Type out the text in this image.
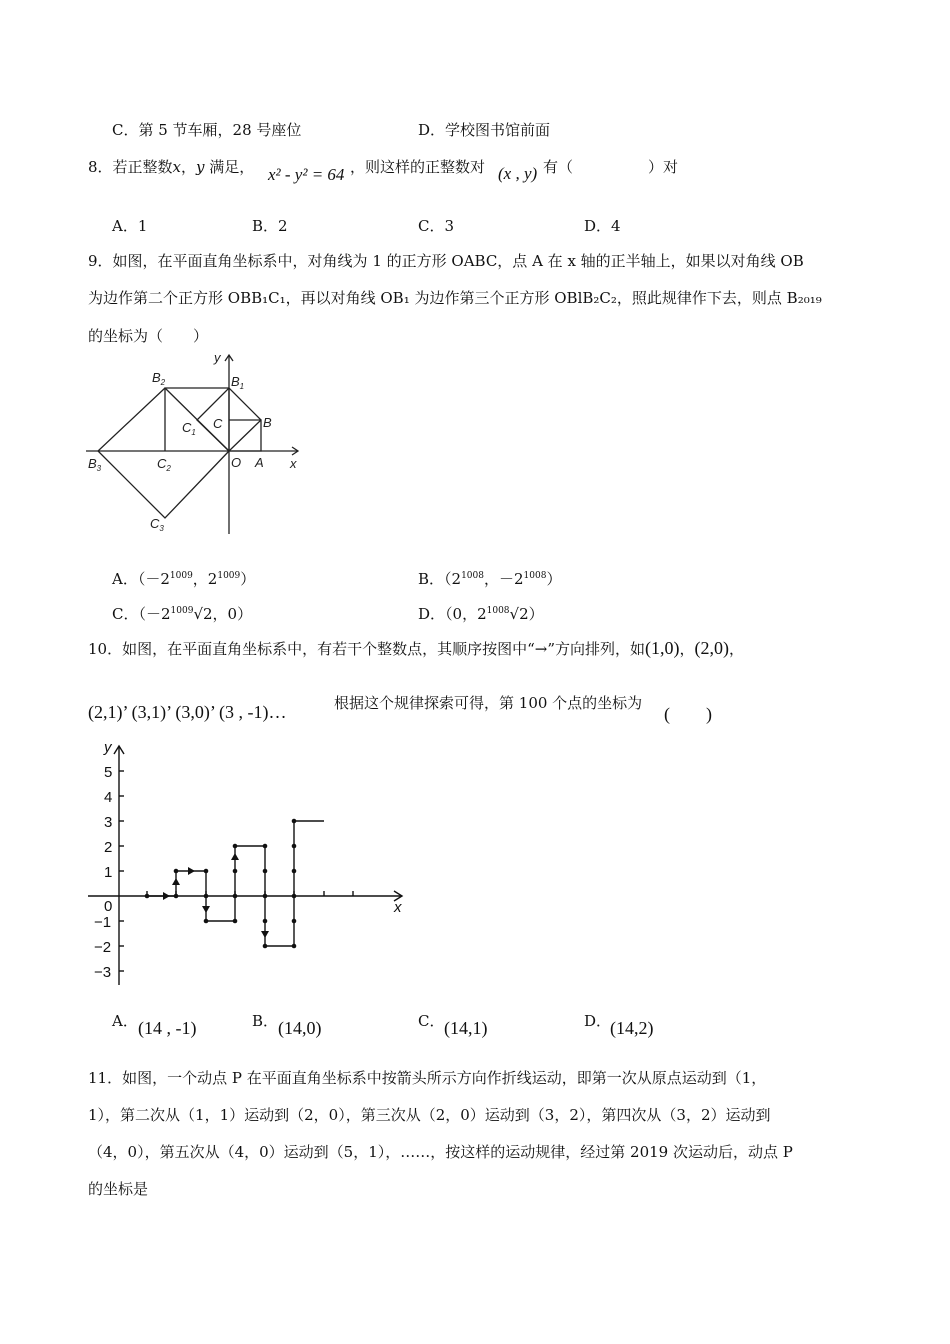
C．第 5 节车厢，28 号座位	D．学校图书馆前面
8．若正整数x，y 满足， x² - y² = 64 ，则这样的正整数对 (x , y) 有（　　　　　）对
A．1	B．2	C．3	D．4
9．如图，在平面直角坐标系中，对角线为 1 的正方形 OABC，点 A 在 x 轴的正半轴上，如果以对角线 OB
为边作第二个正方形 OBB₁C₁，再以对角线 OB₁ 为边作第三个正方形 OBlB₂C₂，照此规律作下去，则点 B₂₀₁₉
的坐标为（　　）
$B_2$	$B_1$
B
C
$C_1$
$B_3$	$C_2$	O A x
y
$C_3$
A．（$-2^{1009}$，$2^{1009}$）	B．（$2^{1008}$，$-2^{1008}$）
C．（$-2^{1009}√2$，0）	D．（0，$2^{1008}√2$）
10．如图，在平面直角坐标系中，有若干个整数点，其顺序按图中“→”方向排列，如(1,0)，(2,0)，
(2,1)’ (3,1)’ (3,0)’ (3 , -1)…	根据这个规律探索可得，第 100 个点的坐标为
(　　)
y
x
5
4
3
2
1
0
−1
−2
−3
A． (14 , -1)	B． (14,0)	C． (14,1)	D．
(14,2)
11．如图，一个动点 P 在平面直角坐标系中按箭头所示方向作折线运动，即第一次从原点运动到（1，
1），第二次从（1，1）运动到（2，0），第三次从（2，0）运动到（3，2），第四次从（3，2）运动到
（4，0），第五次从（4，0）运动到（5，1），……，按这样的运动规律，经过第 2019 次运动后，动点 P
的坐标是
